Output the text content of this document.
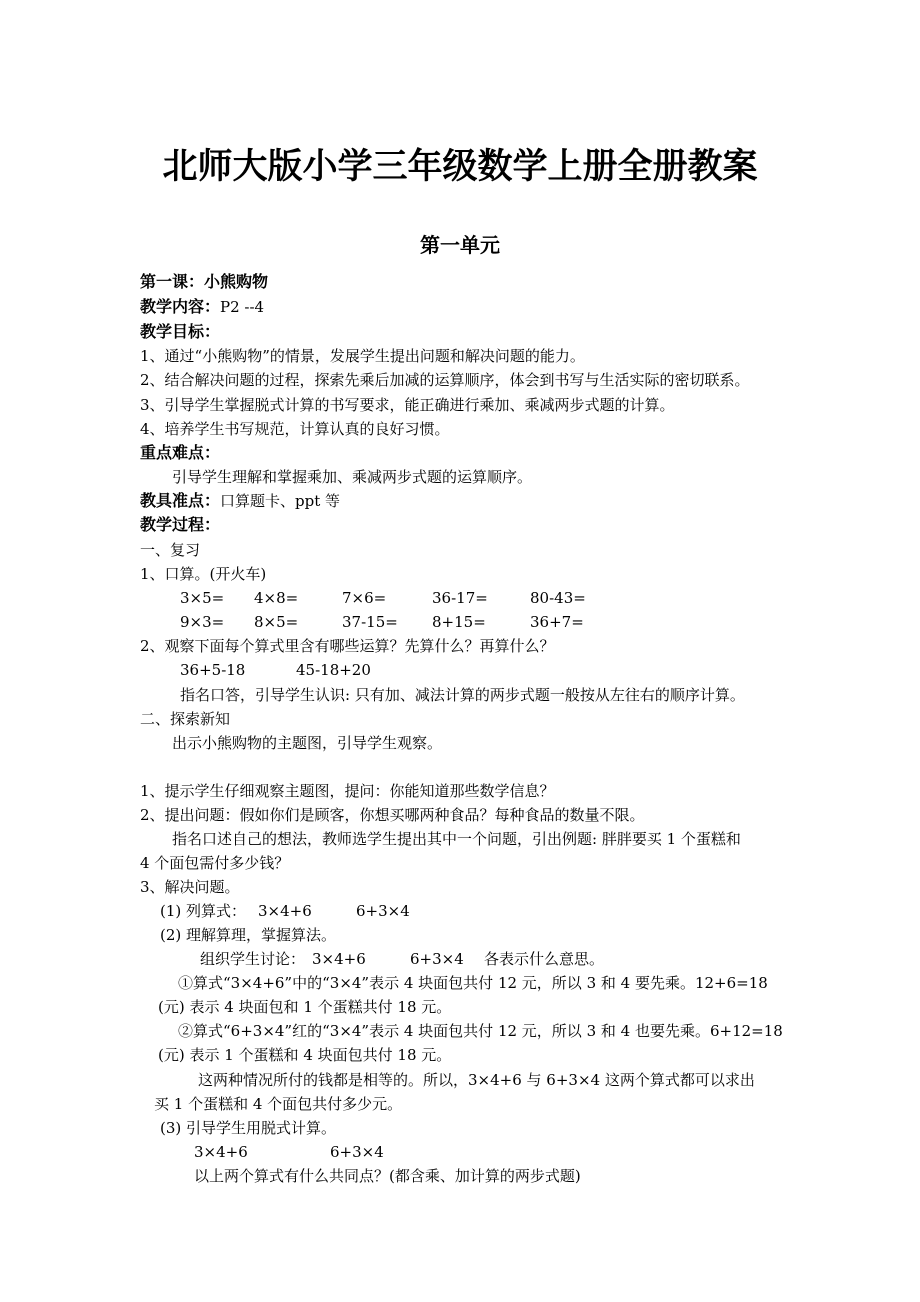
北师大版小学三年级数学上册全册教案
第一单元
第一课：小熊购物
教学内容：P2 --4
教学目标：
1、通过“小熊购物”的情景，发展学生提出问题和解决问题的能力。
2、结合解决问题的过程，探索先乘后加减的运算顺序，体会到书写与生活实际的密切联系。
3、引导学生掌握脱式计算的书写要求，能正确进行乘加、乘减两步式题的计算。
4、培养学生书写规范，计算认真的良好习惯。
重点难点：
引导学生理解和掌握乘加、乘减两步式题的运算顺序。
教具准点：口算题卡、ppt 等
教学过程：
一、复习
1、口算。(开火车)
3×5= 4×8=	7×6=	36-17=	80-43=
9×3= 8×5=	37-15= 8+15=	36+7=
2、观察下面每个算式里含有哪些运算？先算什么？再算什么？
36+5-18	45-18+20
指名口答，引导学生认识: 只有加、减法计算的两步式题一般按从左往右的顺序计算。
二、探索新知
出示小熊购物的主题图，引导学生观察。
1、提示学生仔细观察主题图，提问：你能知道那些数学信息？
2、提出问题：假如你们是顾客，你想买哪两种食品？每种食品的数量不限。
指名口述自己的想法，教师选学生提出其中一个问题，引出例题: 胖胖要买 1 个蛋糕和
4 个面包需付多少钱？
3、解决问题。
(1) 列算式： 3×4+6	6+3×4
(2) 理解算理，掌握算法。
组织学生讨论： 3×4+6	6+3×4 各表示什么意思。
①算式“3×4+6”中的“3×4”表示 4 块面包共付 12 元，所以 3 和 4 要先乘。12+6=18
(元) 表示 4 块面包和 1 个蛋糕共付 18 元。
②算式“6+3×4”红的“3×4”表示 4 块面包共付 12 元，所以 3 和 4 也要先乘。6+12=18
(元) 表示 1 个蛋糕和 4 块面包共付 18 元。
这两种情况所付的钱都是相等的。所以，3×4+6 与 6+3×4 这两个算式都可以求出
买 1 个蛋糕和 4 个面包共付多少元。
(3) 引导学生用脱式计算。
3×4+6	6+3×4
以上两个算式有什么共同点？(都含乘、加计算的两步式题)
